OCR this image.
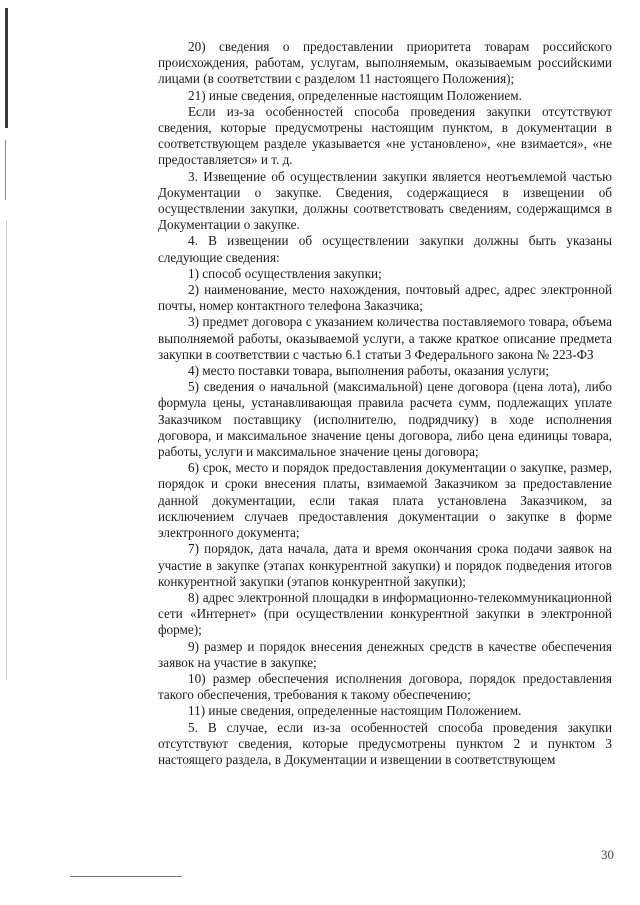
20) сведения о предоставлении приоритета товарам российского происхождения, работам, услугам, выполняемым, оказываемым российскими лицами (в соответствии с разделом 11 настоящего Положения);

21) иные сведения, определенные настоящим Положением.

Если из-за особенностей способа проведения закупки отсутствуют сведения, которые предусмотрены настоящим пунктом, в документации в соответствующем разделе указывается «не установлено», «не взимается», «не предоставляется» и т. д.

3. Извещение об осуществлении закупки является неотъемлемой частью Документации о закупке. Сведения, содержащиеся в извещении об осуществлении закупки, должны соответствовать сведениям, содержащимся в Документации о закупке.

4. В извещении об осуществлении закупки должны быть указаны следующие сведения:

1) способ осуществления закупки;

2) наименование, место нахождения, почтовый адрес, адрес электронной почты, номер контактного телефона Заказчика;

3) предмет договора с указанием количества поставляемого товара, объема выполняемой работы, оказываемой услуги, а также краткое описание предмета закупки в соответствии с частью 6.1 статьи 3 Федерального закона № 223-ФЗ

4) место поставки товара, выполнения работы, оказания услуги;

5) сведения о начальной (максимальной) цене договора (цена лота), либо формула цены, устанавливающая правила расчета сумм, подлежащих уплате Заказчиком поставщику (исполнителю, подрядчику) в ходе исполнения договора, и максимальное значение цены договора, либо цена единицы товара, работы, услуги и максимальное значение цены договора;

6) срок, место и порядок предоставления документации о закупке, размер, порядок и сроки внесения платы, взимаемой Заказчиком за предоставление данной документации, если такая плата установлена Заказчиком, за исключением случаев предоставления документации о закупке в форме электронного документа;

7) порядок, дата начала, дата и время окончания срока подачи заявок на участие в закупке (этапах конкурентной закупки) и порядок подведения итогов конкурентной закупки (этапов конкурентной закупки);

8) адрес электронной площадки в информационно-телекоммуникационной сети «Интернет» (при осуществлении конкурентной закупки в электронной форме);

9) размер и порядок внесения денежных средств в качестве обеспечения заявок на участие в закупке;

10) размер обеспечения исполнения договора, порядок предоставления такого обеспечения, требования к такому обеспечению;

11) иные сведения, определенные настоящим Положением.

5. В случае, если из-за особенностей способа проведения закупки отсутствуют сведения, которые предусмотрены пунктом 2 и пунктом 3 настоящего раздела, в Документации и извещении в соответствующем

30
